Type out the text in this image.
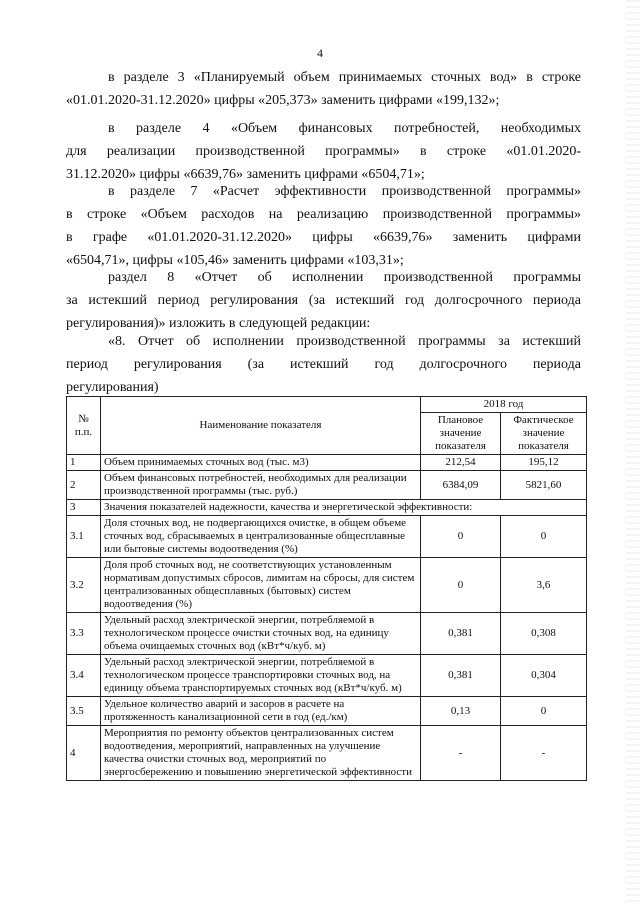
4

в разделе 3 «Планируемый объем принимаемых сточных вод» в строке
«01.01.2020-31.12.2020» цифры «205,373» заменить цифрами «199,132»;

в разделе 4 «Объем финансовых потребностей, необходимых
для реализации производственной программы» в строке «01.01.2020-
31.12.2020» цифры «6639,76» заменить цифрами «6504,71»;

в разделе 7 «Расчет эффективности производственной программы»
в строке «Объем расходов на реализацию производственной программы»
в графе «01.01.2020-31.12.2020» цифры «6639,76» заменить цифрами
«6504,71», цифры «105,46» заменить цифрами «103,31»;

раздел 8 «Отчет об исполнении производственной программы
за истекший период регулирования (за истекший год долгосрочного периода
регулирования)» изложить в следующей редакции:

«8. Отчет об исполнении производственной программы за истекший
период регулирования (за истекший год долгосрочного периода
регулирования)

№ п.п.	Наименование показателя	2018 год	
		Плановое значение показателя	Фактическое значение показателя
1	Объем принимаемых сточных вод (тыс. м3)	212,54	195,12
2	Объем финансовых потребностей, необходимых для реализации производственной программы (тыс. руб.)	6384,09	5821,60
3	Значения показателей надежности, качества и энергетической эффективности:		
3.1	Доля сточных вод, не подвергающихся очистке, в общем объеме сточных вод, сбрасываемых в централизованные общесплавные или бытовые системы водоотведения (%)	0	0
3.2	Доля проб сточных вод, не соответствующих установленным нормативам допустимых сбросов, лимитам на сбросы, для систем централизованных общесплавных (бытовых) систем водоотведения (%)	0	3,6
3.3	Удельный расход электрической энергии, потребляемой в технологическом процессе очистки сточных вод, на единицу объема очищаемых сточных вод (кВт*ч/куб. м)	0,381	0,308
3.4	Удельный расход электрической энергии, потребляемой в технологическом процессе транспортировки сточных вод, на единицу объема транспортируемых сточных вод (кВт*ч/куб. м)	0,381	0,304
3.5	Удельное количество аварий и засоров в расчете на протяженность канализационной сети в год (ед./км)	0,13	0
4	Мероприятия по ремонту объектов централизованных систем водоотведения, мероприятий, направленных на улучшение качества очистки сточных вод, мероприятий по энергосбережению и повышению энергетической эффективности	-	-
